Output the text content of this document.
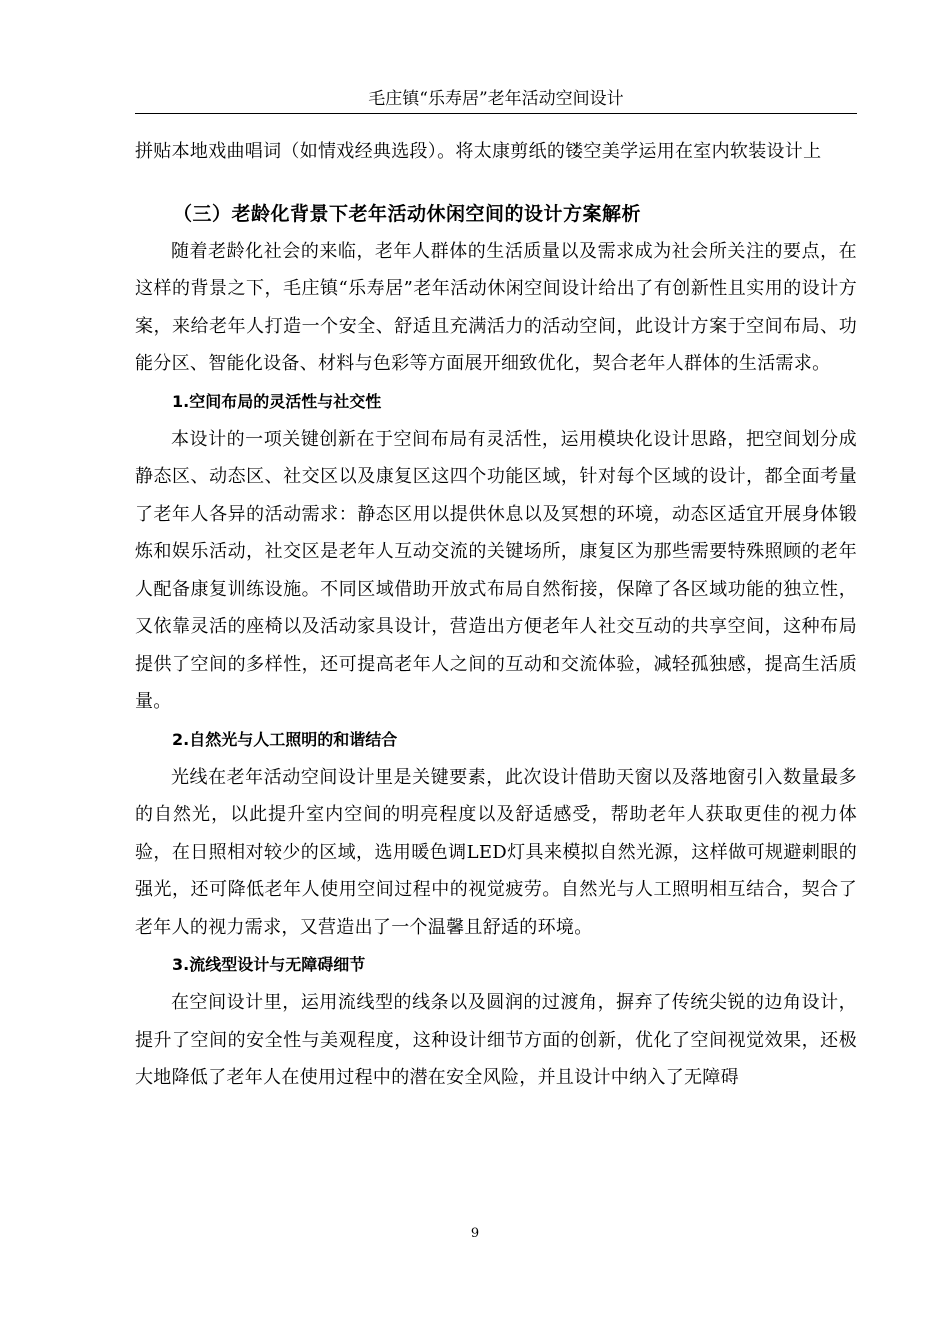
毛庄镇“乐寿居”老年活动空间设计

拼贴本地戏曲唱词（如情戏经典选段）。将太康剪纸的镂空美学运用在室内软装设计上

（三）老龄化背景下老年活动休闲空间的设计方案解析

随着老龄化社会的来临，老年人群体的生活质量以及需求成为社会所关注的要点，在这样的背景之下，毛庄镇“乐寿居”老年活动休闲空间设计给出了有创新性且实用的设计方案，来给老年人打造一个安全、舒适且充满活力的活动空间，此设计方案于空间布局、功能分区、智能化设备、材料与色彩等方面展开细致优化，契合老年人群体的生活需求。

1.空间布局的灵活性与社交性

本设计的一项关键创新在于空间布局有灵活性，运用模块化设计思路，把空间划分成静态区、动态区、社交区以及康复区这四个功能区域，针对每个区域的设计，都全面考量了老年人各异的活动需求：静态区用以提供休息以及冥想的环境，动态区适宜开展身体锻炼和娱乐活动，社交区是老年人互动交流的关键场所，康复区为那些需要特殊照顾的老年人配备康复训练设施。不同区域借助开放式布局自然衔接，保障了各区域功能的独立性，又依靠灵活的座椅以及活动家具设计，营造出方便老年人社交互动的共享空间，这种布局提供了空间的多样性，还可提高老年人之间的互动和交流体验，减轻孤独感，提高生活质量。

2.自然光与人工照明的和谐结合

光线在老年活动空间设计里是关键要素，此次设计借助天窗以及落地窗引入数量最多的自然光，以此提升室内空间的明亮程度以及舒适感受，帮助老年人获取更佳的视力体验，在日照相对较少的区域，选用暖色调LED灯具来模拟自然光源，这样做可规避刺眼的强光，还可降低老年人使用空间过程中的视觉疲劳。自然光与人工照明相互结合，契合了老年人的视力需求，又营造出了一个温馨且舒适的环境。

3.流线型设计与无障碍细节

在空间设计里，运用流线型的线条以及圆润的过渡角，摒弃了传统尖锐的边角设计，提升了空间的安全性与美观程度，这种设计细节方面的创新，优化了空间视觉效果，还极大地降低了老年人在使用过程中的潜在安全风险，并且设计中纳入了无障碍

9
